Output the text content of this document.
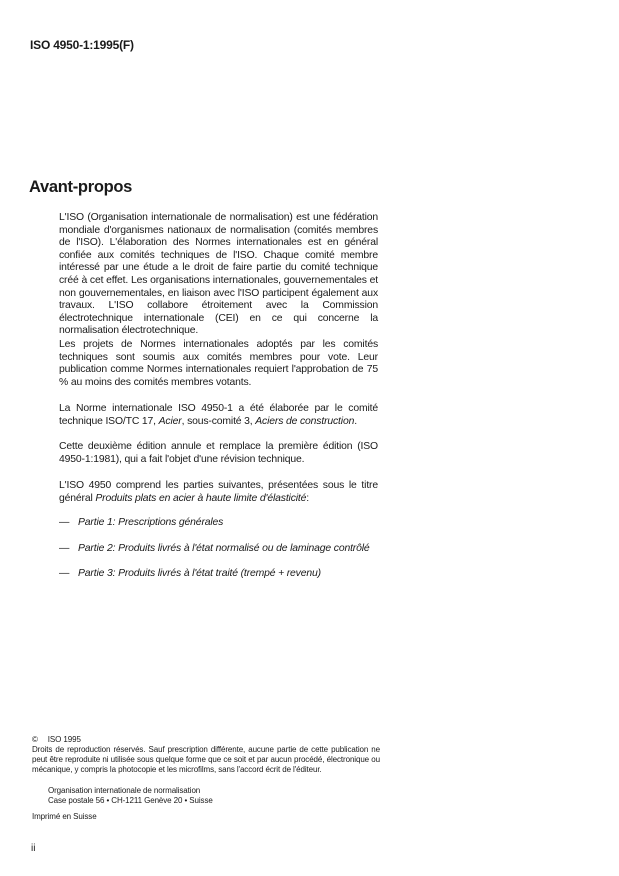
ISO 4950-1:1995(F)
Avant-propos

L'ISO (Organisation internationale de normalisation) est une fédération mondiale d'organismes nationaux de normalisation (comités membres de l'ISO). L'élaboration des Normes internationales est en général confiée aux comités techniques de l'ISO. Chaque comité membre intéressé par une étude a le droit de faire partie du comité technique créé à cet effet. Les organisations internationales, gouvernementales et non gouvernementales, en liaison avec l'ISO participent également aux travaux. L'ISO collabore étroitement avec la Commission électrotechnique internationale (CEI) en ce qui concerne la normalisation électrotechnique.

Les projets de Normes internationales adoptés par les comités techniques sont soumis aux comités membres pour vote. Leur publication comme Normes internationales requiert l'approbation de 75 % au moins des comités membres votants.

La Norme internationale ISO 4950-1 a été élaborée par le comité technique ISO/TC 17, Acier, sous-comité 3, Aciers de construction.

Cette deuxième édition annule et remplace la première édition (ISO 4950-1:1981), qui a fait l'objet d'une révision technique.

L'ISO 4950 comprend les parties suivantes, présentées sous le titre général Produits plats en acier à haute limite d'élasticité:

— Partie 1: Prescriptions générales
— Partie 2: Produits livrés à l'état normalisé ou de laminage contrôlé
— Partie 3: Produits livrés à l'état traité (trempé + revenu)
© ISO 1995
Droits de reproduction réservés. Sauf prescription différente, aucune partie de cette publication ne peut être reproduite ni utilisée sous quelque forme que ce soit et par aucun procédé, électronique ou mécanique, y compris la photocopie et les microfilms, sans l'accord écrit de l'éditeur.
Organisation internationale de normalisation
Case postale 56 • CH-1211 Genève 20 • Suisse
Imprimé en Suisse
ii
